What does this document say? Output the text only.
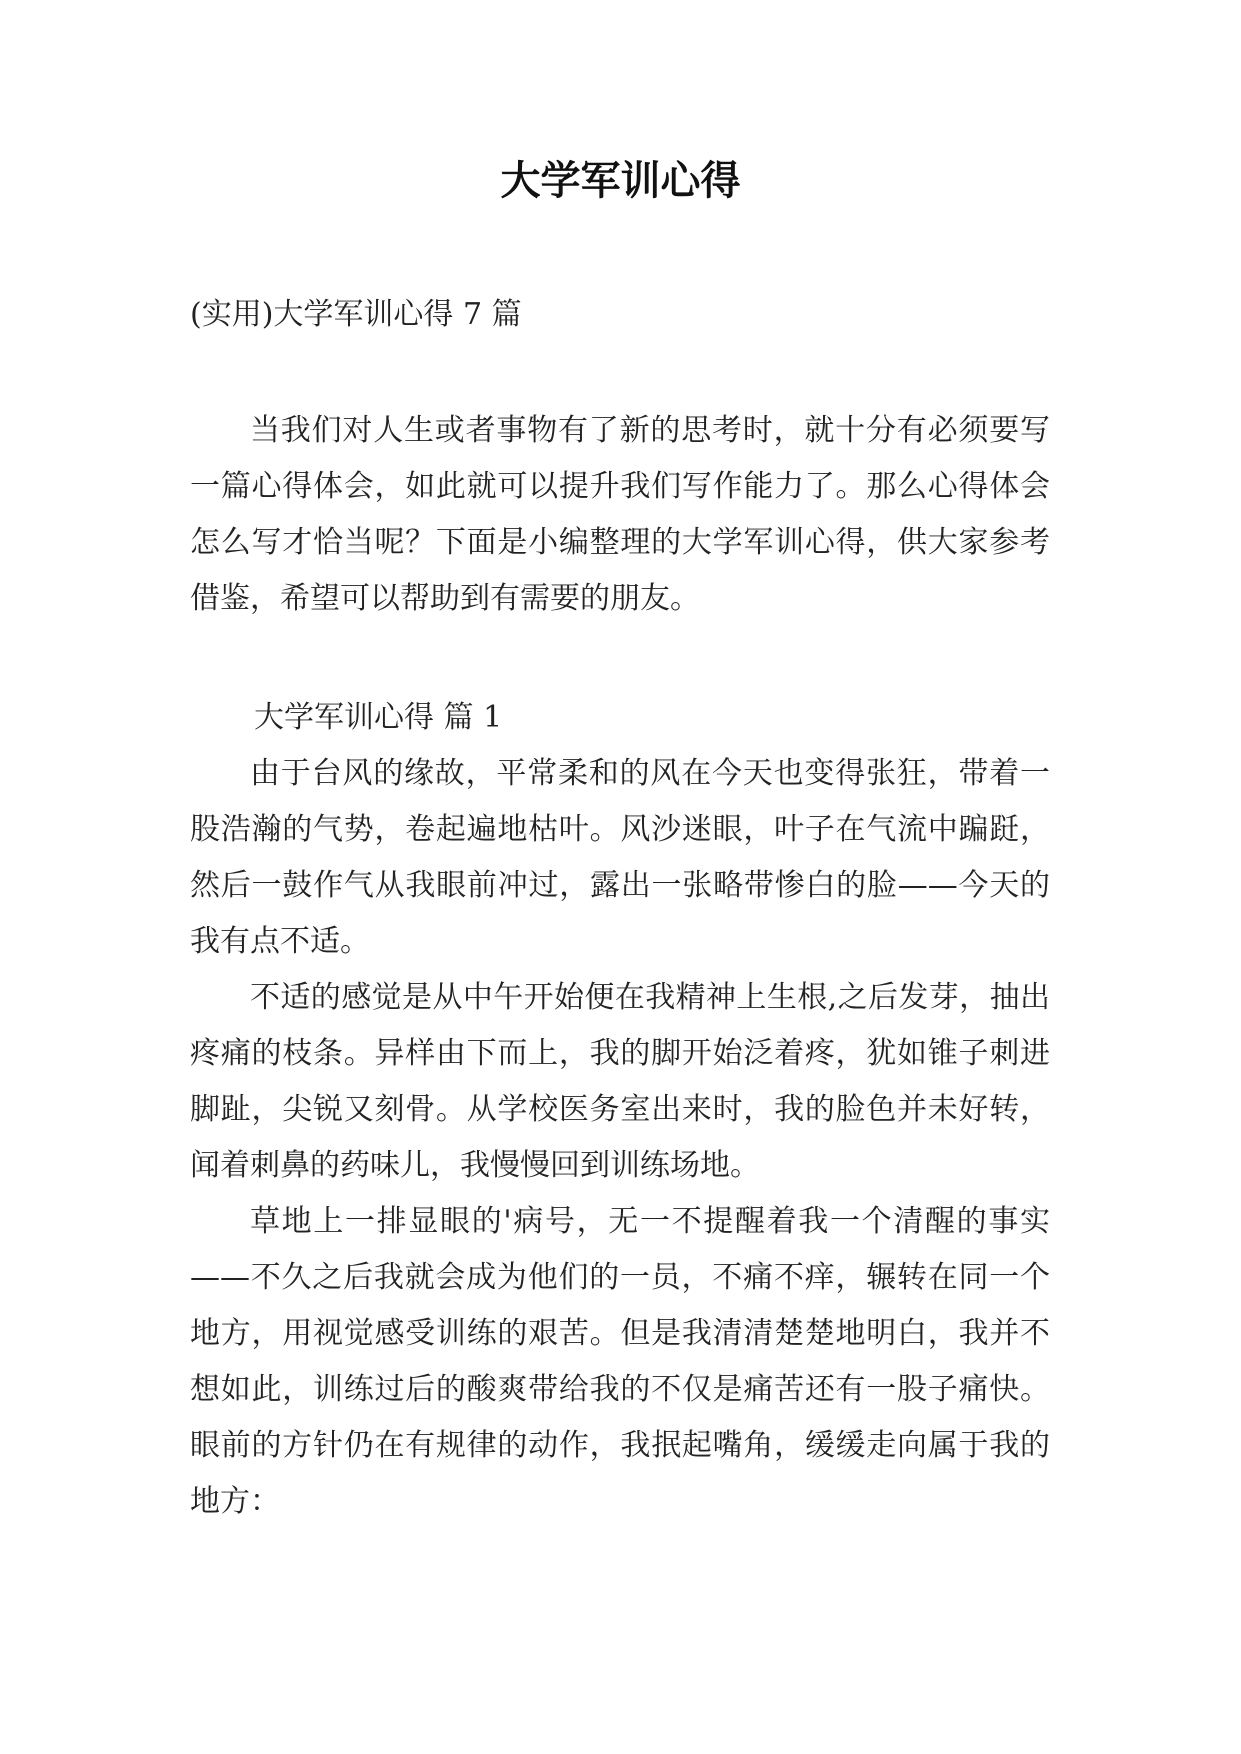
大学军训心得
(实用)大学军训心得 7 篇

当我们对人生或者事物有了新的思考时，就十分有必须要写一篇心得体会，如此就可以提升我们写作能力了。那么心得体会怎么写才恰当呢？下面是小编整理的大学军训心得，供大家参考借鉴，希望可以帮助到有需要的朋友。

大学军训心得 篇 1

由于台风的缘故，平常柔和的风在今天也变得张狂，带着一股浩瀚的气势，卷起遍地枯叶。风沙迷眼，叶子在气流中蹁跹，然后一鼓作气从我眼前冲过，露出一张略带惨白的脸——今天的我有点不适。

不适的感觉是从中午开始便在我精神上生根,之后发芽，抽出疼痛的枝条。异样由下而上，我的脚开始泛着疼，犹如锥子刺进脚趾，尖锐又刻骨。从学校医务室出来时，我的脸色并未好转，闻着刺鼻的药味儿，我慢慢回到训练场地。

草地上一排显眼的'病号，无一不提醒着我一个清醒的事实——不久之后我就会成为他们的一员，不痛不痒，辗转在同一个地方，用视觉感受训练的艰苦。但是我清清楚楚地明白，我并不想如此，训练过后的酸爽带给我的不仅是痛苦还有一股子痛快。眼前的方针仍在有规律的动作，我抿起嘴角，缓缓走向属于我的地方：
